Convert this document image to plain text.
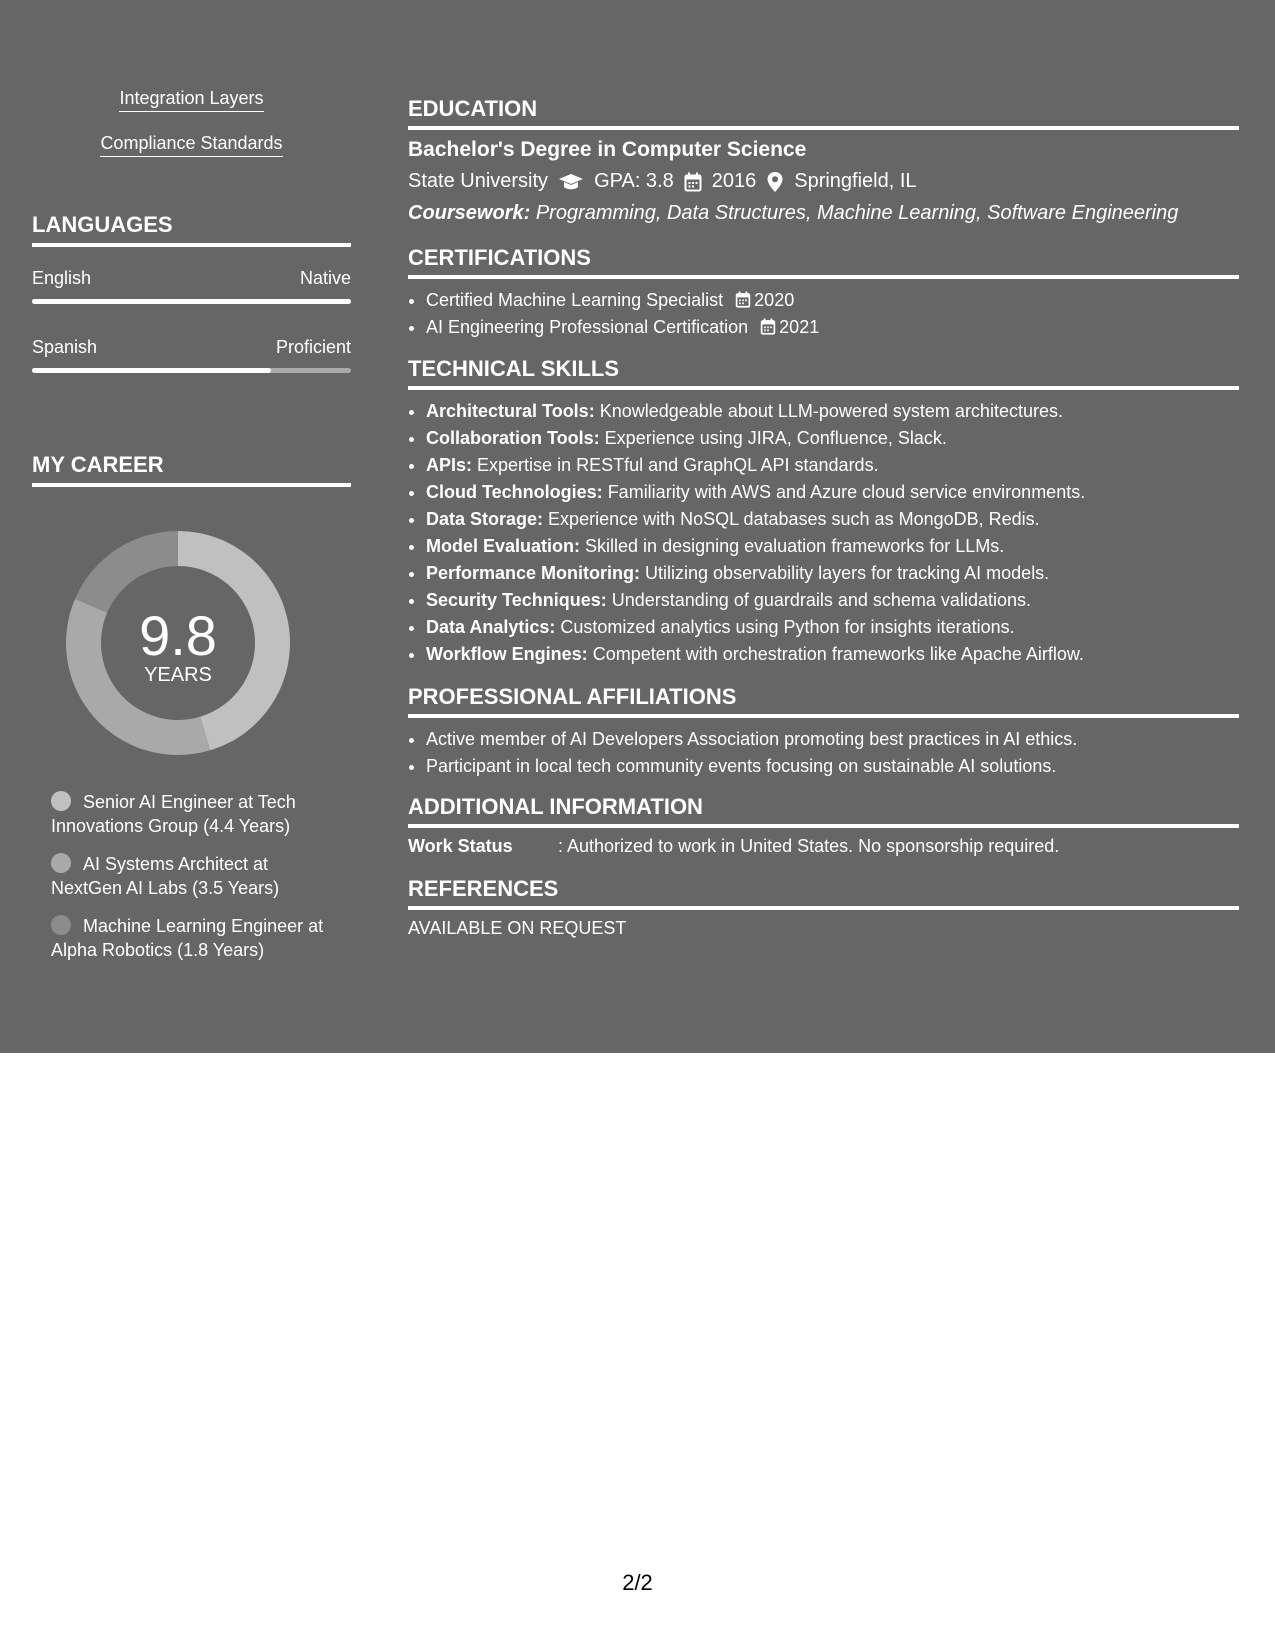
Integration Layers
Compliance Standards
LANGUAGES
English	Native
Spanish	Proficient
MY CAREER
9.8
YEARS
Senior AI Engineer at Tech Innovations Group (4.4 Years)
AI Systems Architect at NextGen AI Labs (3.5 Years)
Machine Learning Engineer at Alpha Robotics (1.8 Years)
EDUCATION
Bachelor's Degree in Computer Science
State University GPA: 3.8 2016 Springfield, IL
Coursework: Programming, Data Structures, Machine Learning, Software Engineering
CERTIFICATIONS
• Certified Machine Learning Specialist 2020
• AI Engineering Professional Certification 2021
TECHNICAL SKILLS
• Architectural Tools: Knowledgeable about LLM-powered system architectures.
• Collaboration Tools: Experience using JIRA, Confluence, Slack.
• APIs: Expertise in RESTful and GraphQL API standards.
• Cloud Technologies: Familiarity with AWS and Azure cloud service environments.
• Data Storage: Experience with NoSQL databases such as MongoDB, Redis.
• Model Evaluation: Skilled in designing evaluation frameworks for LLMs.
• Performance Monitoring: Utilizing observability layers for tracking AI models.
• Security Techniques: Understanding of guardrails and schema validations.
• Data Analytics: Customized analytics using Python for insights iterations.
• Workflow Engines: Competent with orchestration frameworks like Apache Airflow.
PROFESSIONAL AFFILIATIONS
• Active member of AI Developers Association promoting best practices in AI ethics.
• Participant in local tech community events focusing on sustainable AI solutions.
ADDITIONAL INFORMATION
Work Status	: Authorized to work in United States. No sponsorship required.
REFERENCES
AVAILABLE ON REQUEST
2/2
